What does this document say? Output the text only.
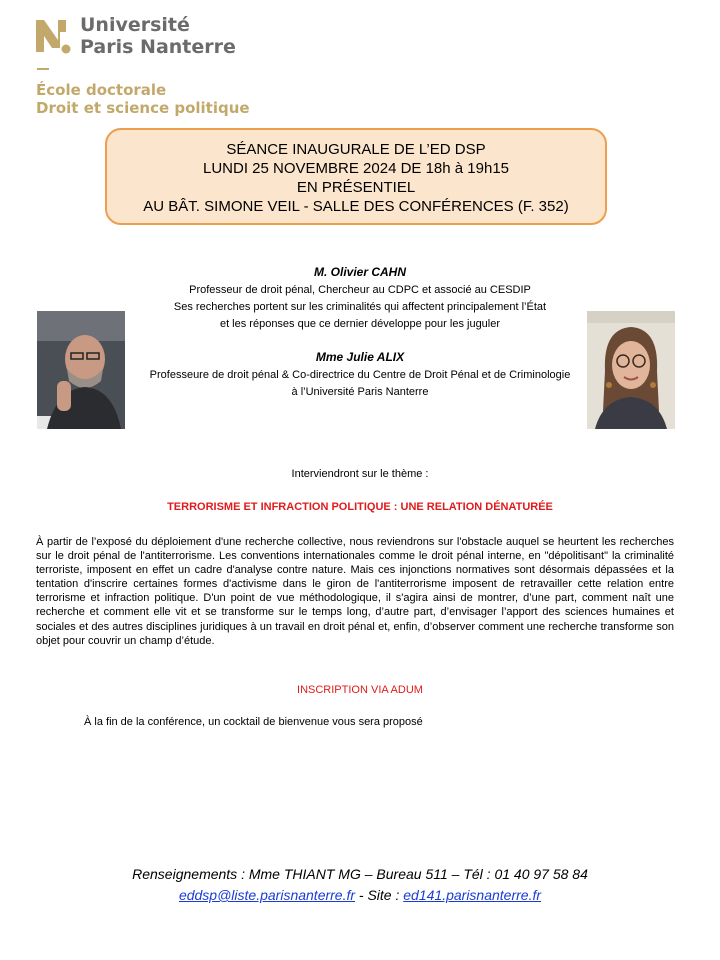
Université
Paris Nanterre
École doctorale
Droit et science politique
SÉANCE INAUGURALE DE L’ED DSP
LUNDI 25 NOVEMBRE 2024 DE 18h à 19h15
EN PRÉSENTIEL
AU BÂT. SIMONE VEIL - SALLE DES CONFÉRENCES (F. 352)
M. Olivier CAHN
Professeur de droit pénal, Chercheur au CDPC et associé au CESDIP
Ses recherches portent sur les criminalités qui affectent principalement l’État
et les réponses que ce dernier développe pour les juguler
Mme Julie ALIX
Professeure de droit pénal & Co-directrice du Centre de Droit Pénal et de Criminologie
à l’Université Paris Nanterre
Interviendront sur le thème :
TERRORISME ET INFRACTION POLITIQUE : UNE RELATION DÉNATURÉE
À partir de l’exposé du déploiement d'une recherche collective, nous reviendrons sur l'obstacle auquel se heurtent les recherches sur le droit pénal de l'antiterrorisme. Les conventions internationales comme le droit pénal interne, en "dépolitisant" la criminalité terroriste, imposent en effet un cadre d'analyse contre nature. Mais ces injonctions normatives sont désormais dépassées et la tentation d'inscrire certaines formes d'activisme dans le giron de l'antiterrorisme imposent de retravailler cette relation entre terrorisme et infraction politique. D'un point de vue méthodologique, il s'agira ainsi de montrer, d’une part, comment naît une recherche et comment elle vit et se transforme sur le temps long, d’autre part, d’envisager l’apport des sciences humaines et sociales et des autres disciplines juridiques à un travail en droit pénal et, enfin, d’observer comment une recherche transforme son objet pour couvrir un champ d’étude.
INSCRIPTION VIA ADUM
À la fin de la conférence, un cocktail de bienvenue vous sera proposé
Renseignements : Mme THIANT MG – Bureau 511 – Tél : 01 40 97 58 84
eddsp@liste.parisnanterre.fr - Site : ed141.parisnanterre.fr
